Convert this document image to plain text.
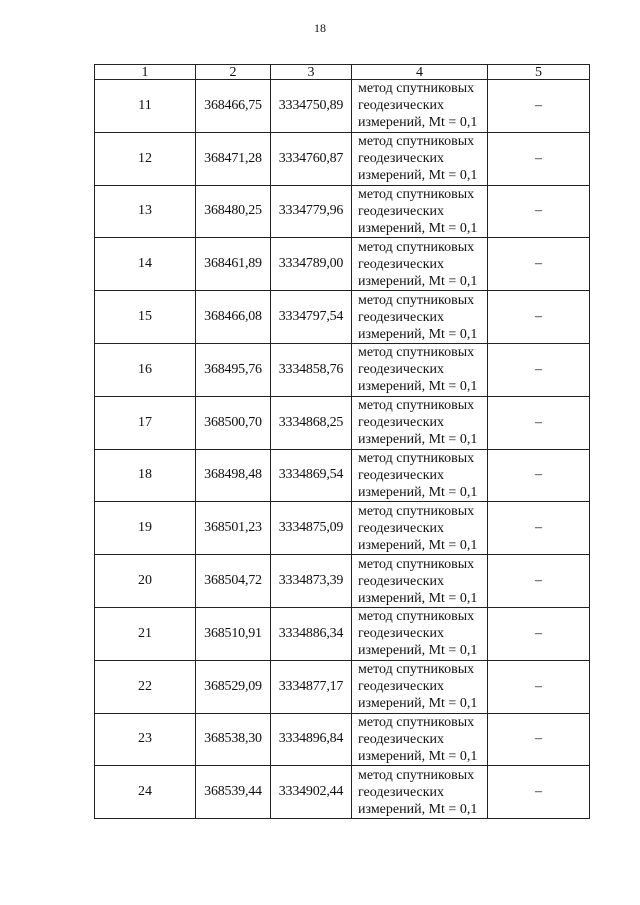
18
1	2	3	4	5
11	368466,75	3334750,89	метод спутниковых
геодезических
измерений, Mt = 0,1	–
12	368471,28	3334760,87	метод спутниковых
геодезических
измерений, Mt = 0,1	–
13	368480,25	3334779,96	метод спутниковых
геодезических
измерений, Mt = 0,1	–
14	368461,89	3334789,00	метод спутниковых
геодезических
измерений, Mt = 0,1	–
15	368466,08	3334797,54	метод спутниковых
геодезических
измерений, Mt = 0,1	–
16	368495,76	3334858,76	метод спутниковых
геодезических
измерений, Mt = 0,1	–
17	368500,70	3334868,25	метод спутниковых
геодезических
измерений, Mt = 0,1	–
18	368498,48	3334869,54	метод спутниковых
геодезических
измерений, Mt = 0,1	–
19	368501,23	3334875,09	метод спутниковых
геодезических
измерений, Mt = 0,1	–
20	368504,72	3334873,39	метод спутниковых
геодезических
измерений, Mt = 0,1	–
21	368510,91	3334886,34	метод спутниковых
геодезических
измерений, Mt = 0,1	–
22	368529,09	3334877,17	метод спутниковых
геодезических
измерений, Mt = 0,1	–
23	368538,30	3334896,84	метод спутниковых
геодезических
измерений, Mt = 0,1	–
24	368539,44	3334902,44	метод спутниковых
геодезических
измерений, Mt = 0,1	–
